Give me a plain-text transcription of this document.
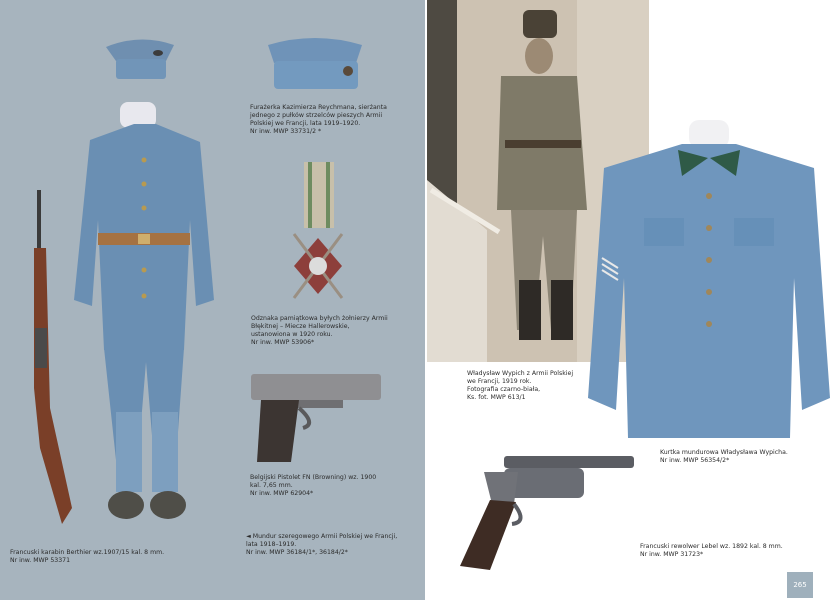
Furażerka Kazimierza Reychmana, sierżanta
jednego z pułków strzelców pieszych Armii
Polskiej we Francji, lata 1919–1920.
Nr inw. MWP 33731/2 *
Odznaka pamiątkowa byłych żołnierzy Armii
Błękitnej – Miecze Hallerowskie,
ustanowiona w 1920 roku.
Nr inw. MWP 53906*
Belgijski Pistolet FN (Browning) wz. 1900
kal. 7,65 mm.
Nr inw. MWP 62904*
◄ Mundur szeregowego Armii Polskiej we Francji,
lata 1918–1919.
Nr inw. MWP 36184/1*, 36184/2*
Francuski karabin Berthier wz.1907/15 kal. 8 mm.
Nr inw. MWP 53371
Władysław Wypich z Armii Polskiej
we Francji, 1919 rok.
Fotografia czarno-biała,
Ks. fot. MWP 613/1
Kurtka mundurowa Władysława Wypicha.
Nr inw. MWP 56354/2*
Francuski rewolwer Lebel wz. 1892 kal. 8 mm.
Nr inw. MWP 31723*
265
